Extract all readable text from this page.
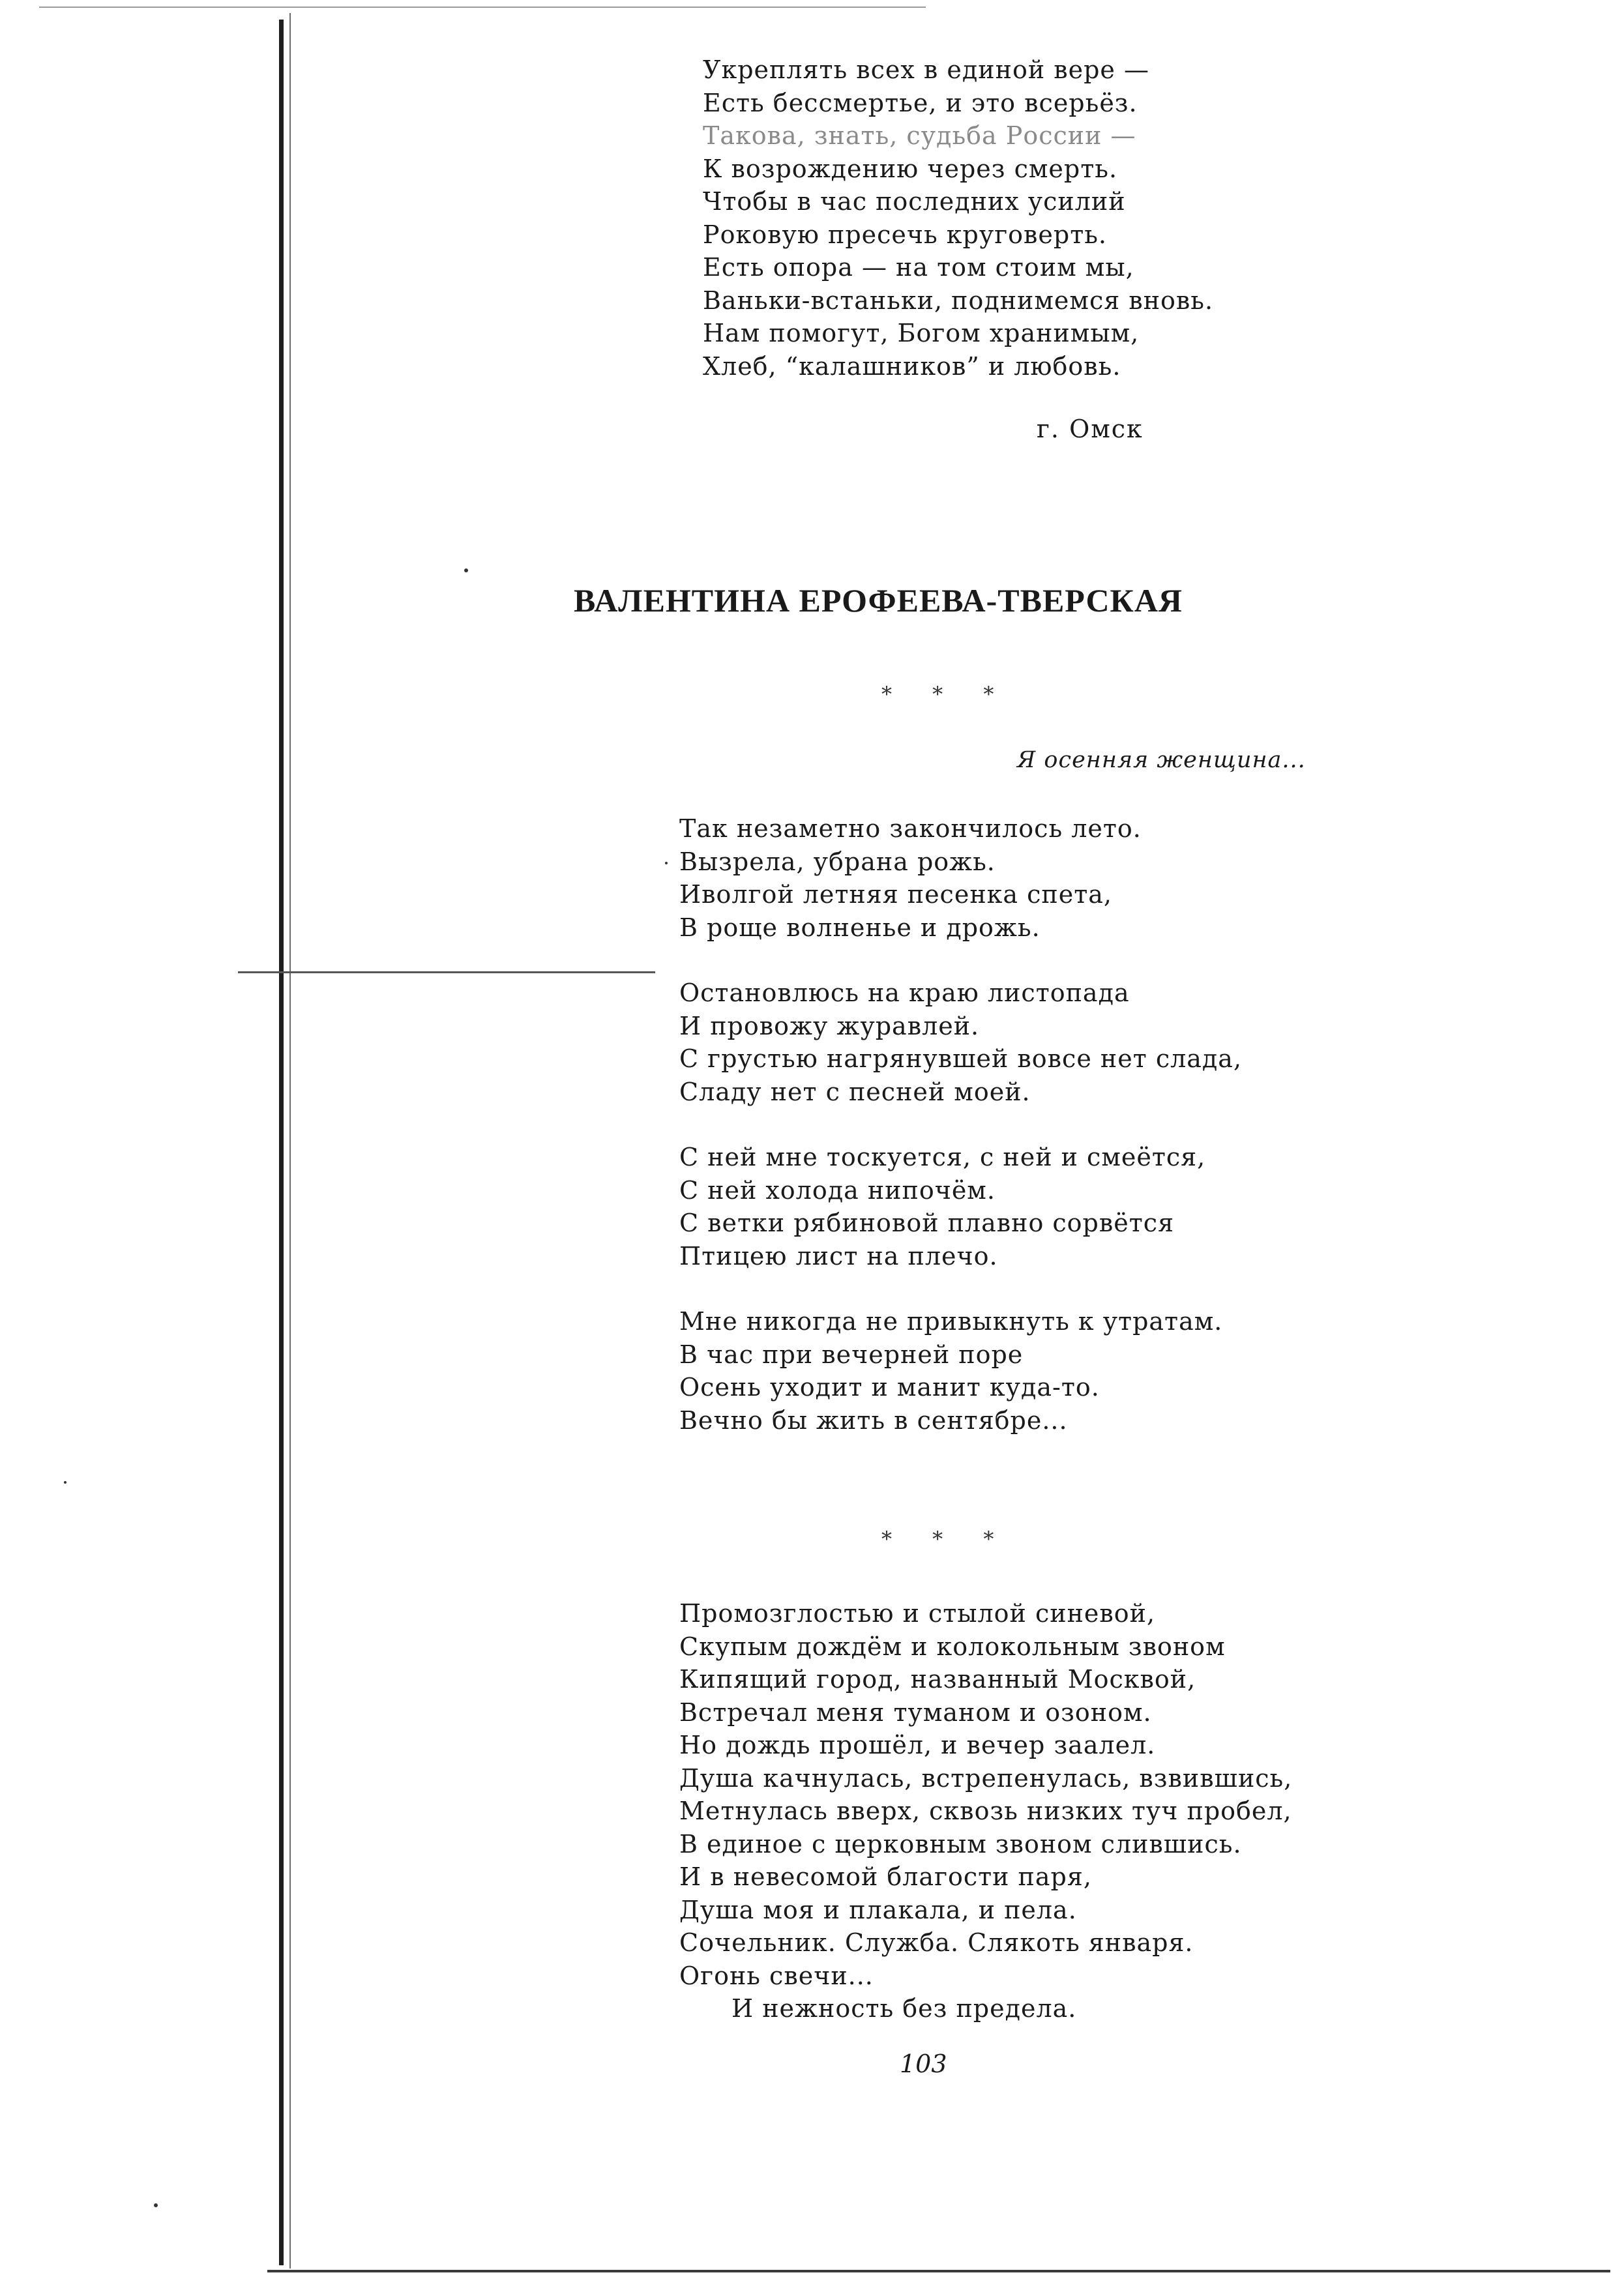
Укреплять всех в единой вере —
Есть бессмертье, и это всерьёз.
Такова, знать, судьба России —
К возрождению через смерть.
Чтобы в час последних усилий
Роковую пресечь круговерть.
Есть опора — на том стоим мы,
Ваньки-встаньки, поднимемся вновь.
Нам помогут, Богом хранимым,
Хлеб, “калашников” и любовь.
г. Омск
ВАЛЕНТИНА ЕРОФЕЕВА-ТВЕРСКАЯ
* * *
Я осенняя женщина...
Так незаметно закончилось лето.
Вызрела, убрана рожь.
Иволгой летняя песенка спета,
В роще волненье и дрожь.
Остановлюсь на краю листопада
И провожу журавлей.
С грустью нагрянувшей вовсе нет слада,
Сладу нет с песней моей.
С ней мне тоскуется, с ней и смеётся,
С ней холода нипочём.
С ветки рябиновой плавно сорвётся
Птицею лист на плечо.
Мне никогда не привыкнуть к утратам.
В час при вечерней поре
Осень уходит и манит куда-то.
Вечно бы жить в сентябре...
* * *
Промозглостью и стылой синевой,
Скупым дождём и колокольным звоном
Кипящий город, названный Москвой,
Встречал меня туманом и озоном.
Но дождь прошёл, и вечер заалел.
Душа качнулась, встрепенулась, взвившись,
Метнулась вверх, сквозь низких туч пробел,
В единое с церковным звоном слившись.
И в невесомой благости паря,
Душа моя и плакала, и пела.
Сочельник. Служба. Слякоть января.
Огонь свечи...
И нежность без предела.
103
